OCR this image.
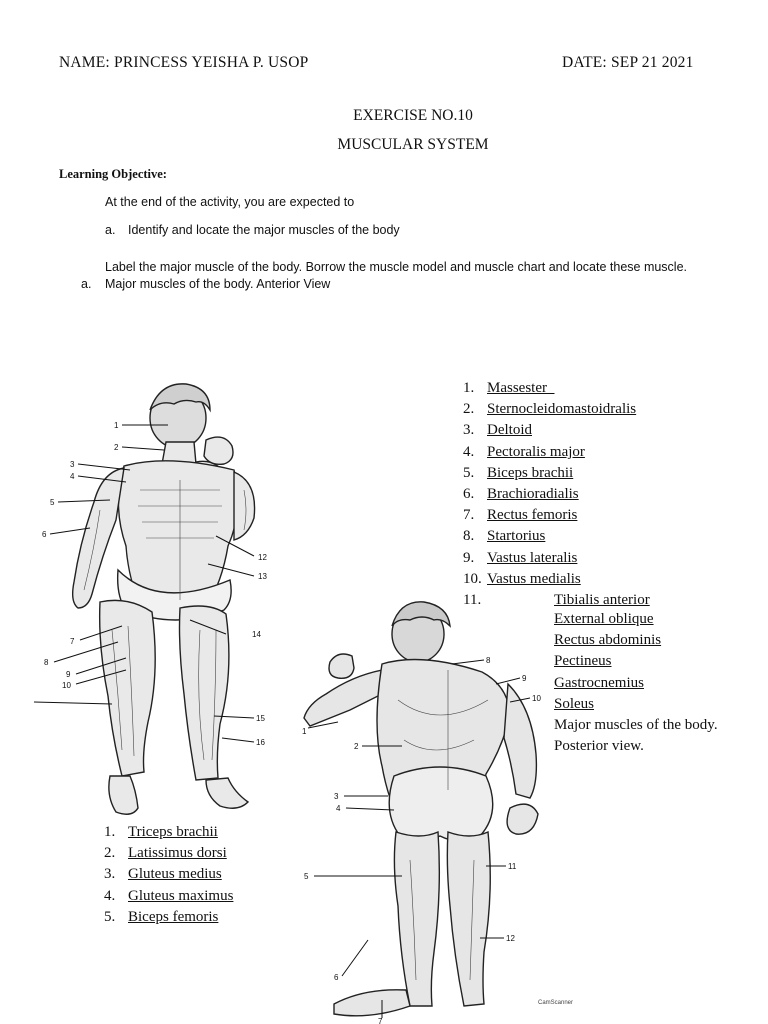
NAME: PRINCESS YEISHA P. USOP	DATE: SEP 21 2021
EXERCISE NO.10
MUSCULAR SYSTEM
Learning Objective:
At the end of the activity, you are expected to
a. Identify and locate the major muscles of the body
Label the major muscle of the body. Borrow the muscle model and muscle chart and locate these muscle.
a. Major muscles of the body. Anterior View
1
2
3
4
5
6
7
8
9
10
12
13
14
15
16
1. Massester
2. Sternocleidomastoidralis
3. Deltoid
4. Pectoralis major
5. Biceps brachii
6. Brachioradialis
7. Rectus femoris
8. Startorius
9. Vastus lateralis
10. Vastus medialis
11.	Tibialis anterior
External oblique
Rectus abdominis
Pectineus
Gastrocnemius
Soleus
Major muscles of the body.
Posterior view.
1
2
3
4
5
6
7
8
9
10
11
12
1. Triceps brachii
2. Latissimus dorsi
3. Gluteus medius
4. Gluteus maximus
5. Biceps femoris
CamScanner
